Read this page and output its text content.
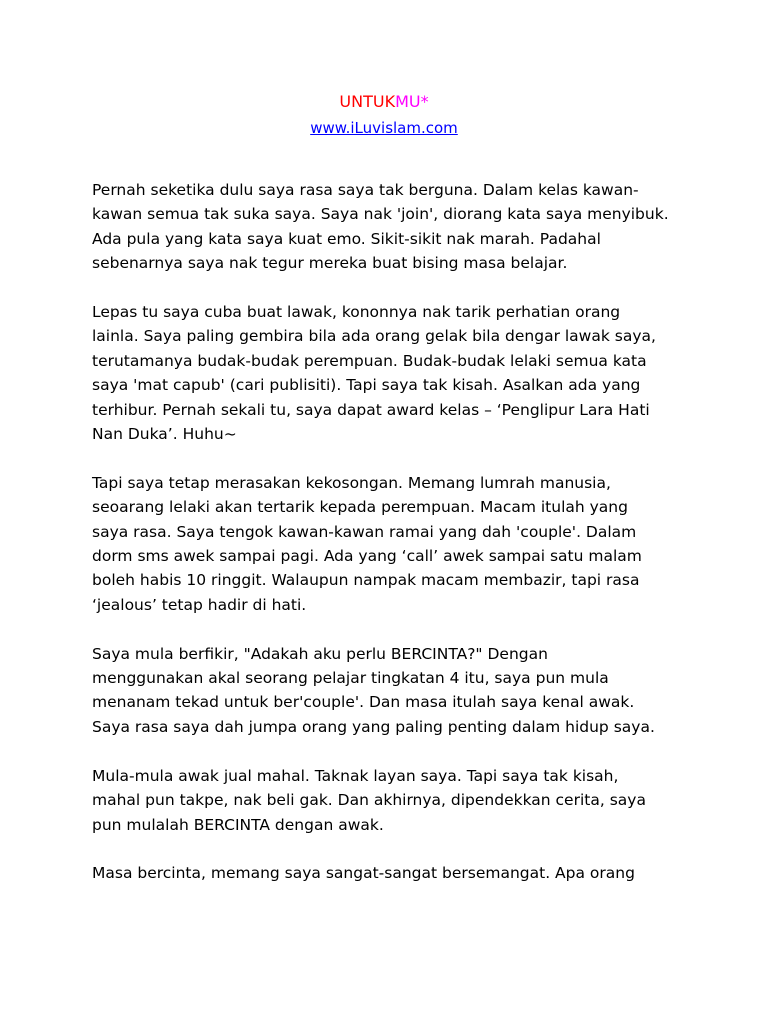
UNTUKMU*
www.iLuvislam.com

Pernah seketika dulu saya rasa saya tak berguna. Dalam kelas kawan-
kawan semua tak suka saya. Saya nak 'join', diorang kata saya menyibuk.
Ada pula yang kata saya kuat emo. Sikit-sikit nak marah. Padahal
sebenarnya saya nak tegur mereka buat bising masa belajar.

Lepas tu saya cuba buat lawak, kononnya nak tarik perhatian orang
lainla. Saya paling gembira bila ada orang gelak bila dengar lawak saya,
terutamanya budak-budak perempuan. Budak-budak lelaki semua kata
saya 'mat capub' (cari publisiti). Tapi saya tak kisah. Asalkan ada yang
terhibur. Pernah sekali tu, saya dapat award kelas – ‘Penglipur Lara Hati
Nan Duka’. Huhu~

Tapi saya tetap merasakan kekosongan. Memang lumrah manusia,
seoarang lelaki akan tertarik kepada perempuan. Macam itulah yang
saya rasa. Saya tengok kawan-kawan ramai yang dah 'couple'. Dalam
dorm sms awek sampai pagi. Ada yang ‘call’ awek sampai satu malam
boleh habis 10 ringgit. Walaupun nampak macam membazir, tapi rasa
‘jealous’ tetap hadir di hati.

Saya mula berfikir, "Adakah aku perlu BERCINTA?" Dengan
menggunakan akal seorang pelajar tingkatan 4 itu, saya pun mula
menanam tekad untuk ber'couple'. Dan masa itulah saya kenal awak.
Saya rasa saya dah jumpa orang yang paling penting dalam hidup saya.

Mula-mula awak jual mahal. Taknak layan saya. Tapi saya tak kisah,
mahal pun takpe, nak beli gak. Dan akhirnya, dipendekkan cerita, saya
pun mulalah BERCINTA dengan awak.

Masa bercinta, memang saya sangat-sangat bersemangat. Apa orang
